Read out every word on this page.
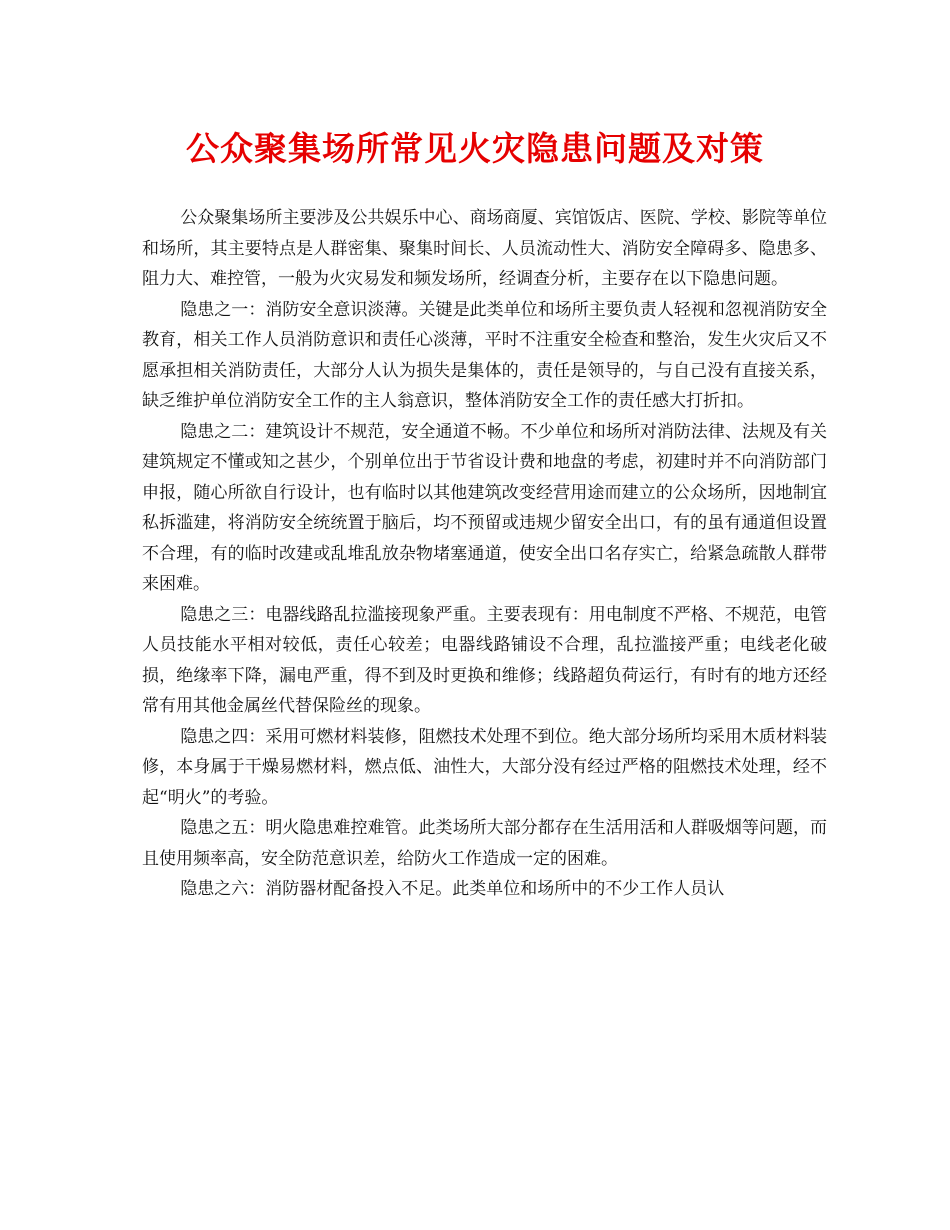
公众聚集场所常见火灾隐患问题及对策

公众聚集场所主要涉及公共娱乐中心、商场商厦、宾馆饭店、医院、学校、影院等单位和场所，其主要特点是人群密集、聚集时间长、人员流动性大、消防安全障碍多、隐患多、阻力大、难控管，一般为火灾易发和频发场所，经调查分析，主要存在以下隐患问题。

隐患之一：消防安全意识淡薄。关键是此类单位和场所主要负责人轻视和忽视消防安全教育，相关工作人员消防意识和责任心淡薄，平时不注重安全检查和整治，发生火灾后又不愿承担相关消防责任，大部分人认为损失是集体的，责任是领导的，与自己没有直接关系，缺乏维护单位消防安全工作的主人翁意识，整体消防安全工作的责任感大打折扣。

隐患之二：建筑设计不规范，安全通道不畅。不少单位和场所对消防法律、法规及有关建筑规定不懂或知之甚少，个别单位出于节省设计费和地盘的考虑，初建时并不向消防部门申报，随心所欲自行设计，也有临时以其他建筑改变经营用途而建立的公众场所，因地制宜私拆滥建，将消防安全统统置于脑后，均不预留或违规少留安全出口，有的虽有通道但设置不合理，有的临时改建或乱堆乱放杂物堵塞通道，使安全出口名存实亡，给紧急疏散人群带来困难。

隐患之三：电器线路乱拉滥接现象严重。主要表现有：用电制度不严格、不规范，电管人员技能水平相对较低，责任心较差；电器线路铺设不合理，乱拉滥接严重；电线老化破损，绝缘率下降，漏电严重，得不到及时更换和维修；线路超负荷运行，有时有的地方还经常有用其他金属丝代替保险丝的现象。

隐患之四：采用可燃材料装修，阻燃技术处理不到位。绝大部分场所均采用木质材料装修，本身属于干燥易燃材料，燃点低、油性大，大部分没有经过严格的阻燃技术处理，经不起“明火”的考验。

隐患之五：明火隐患难控难管。此类场所大部分都存在生活用活和人群吸烟等问题，而且使用频率高，安全防范意识差，给防火工作造成一定的困难。

隐患之六：消防器材配备投入不足。此类单位和场所中的不少工作人员认
